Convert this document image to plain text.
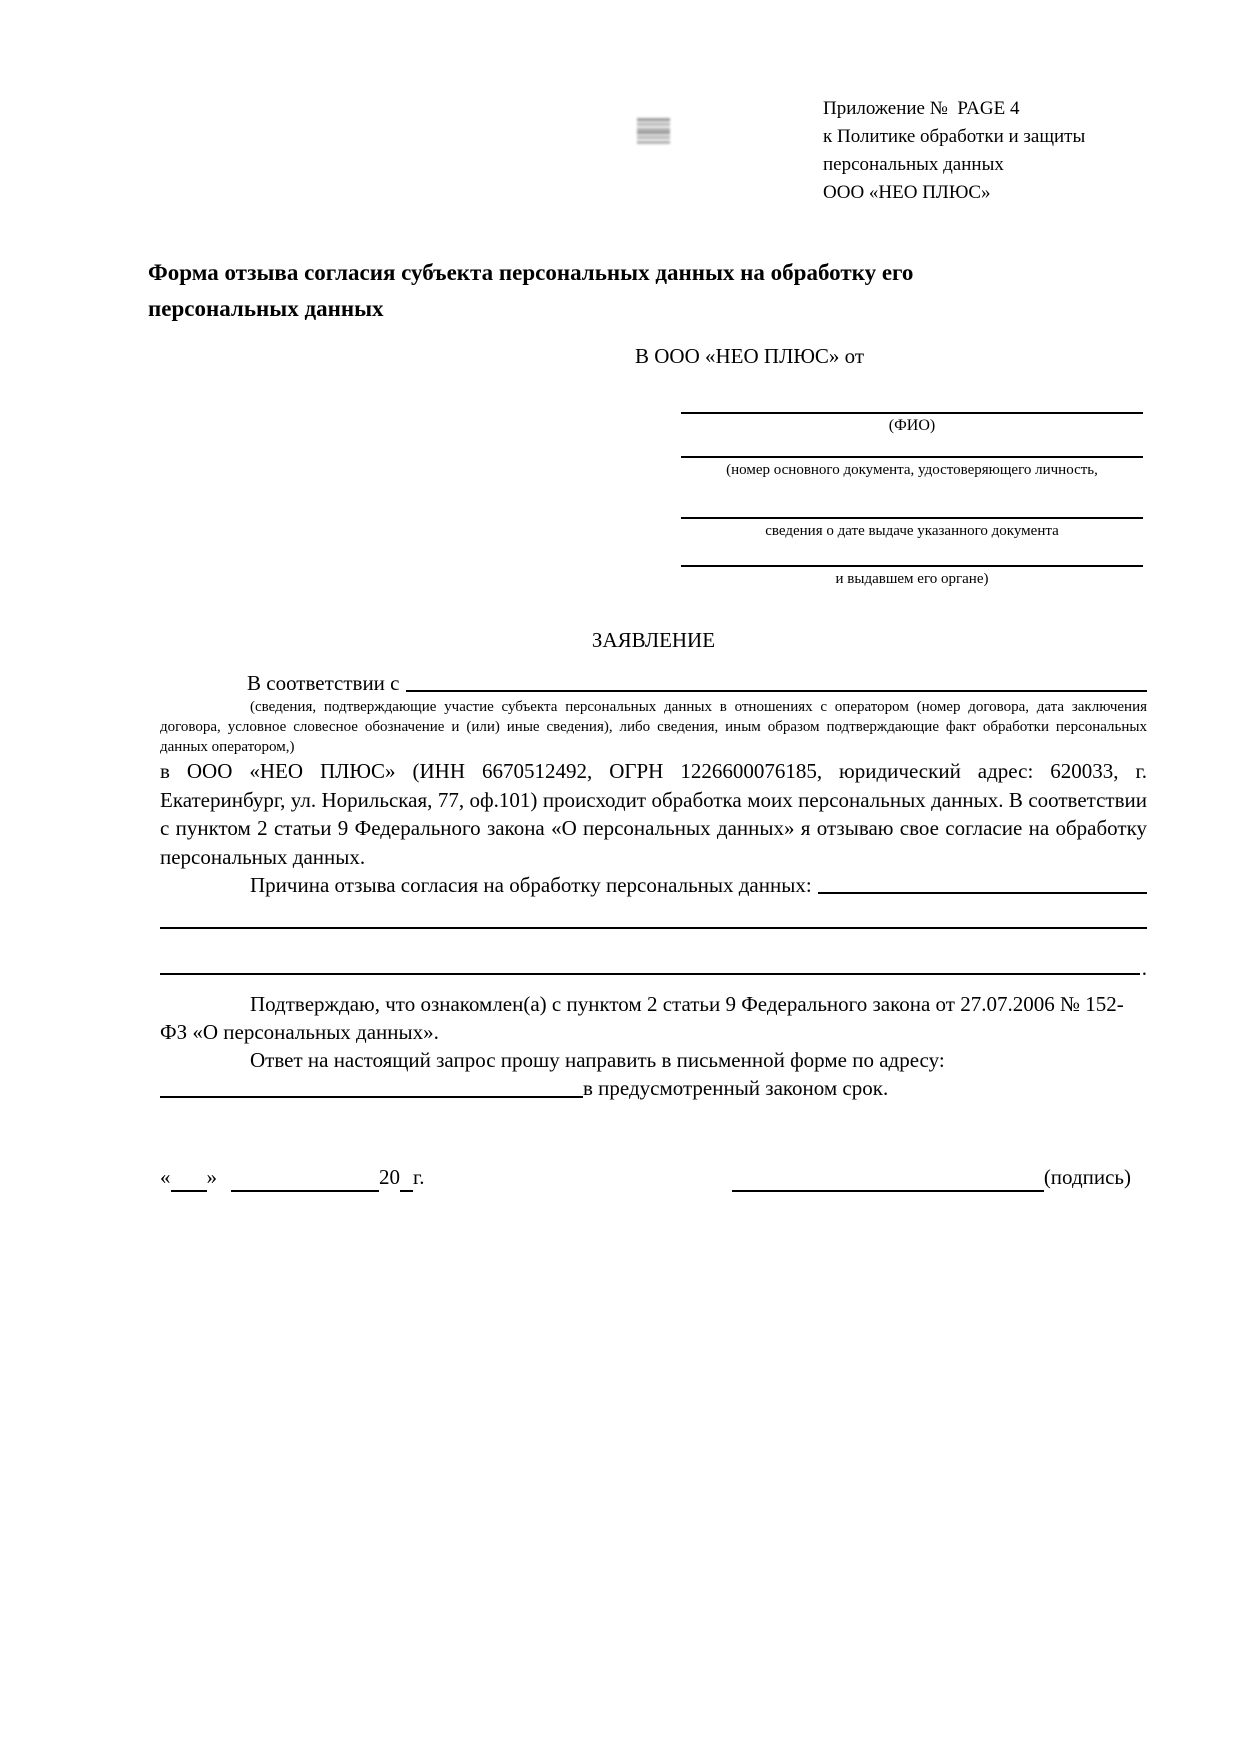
Приложение №  PAGE 4
к Политике обработки и защиты
персональных данных
ООО «НЕО ПЛЮС»
Форма отзыва согласия субъекта персональных данных на обработку его
персональных данных
В ООО «НЕО ПЛЮС» от
(ФИО)
(номер основного документа, удостоверяющего личность,
сведения о дате выдаче указанного документа
и выдавшем его органе)
ЗАЯВЛЕНИЕ
В соответствии с
(сведения, подтверждающие участие субъекта персональных данных в отношениях с оператором (номер договора, дата заключения договора, условное словесное обозначение и (или) иные сведения), либо сведения, иным образом подтверждающие факт обработки персональных данных оператором,)
в ООО «НЕО ПЛЮС» (ИНН 6670512492, ОГРН 1226600076185, юридический адрес: 620033, г. Екатеринбург, ул. Норильская, 77, оф.101) происходит обработка моих персональных данных. В соответствии с пунктом 2 статьи 9 Федерального закона «О персональных данных» я отзываю свое согласие на обработку персональных данных.
Причина отзыва согласия на обработку персональных данных:
.
Подтверждаю, что ознакомлен(а) с пунктом 2 статьи 9 Федерального закона от 27.07.2006 № 152-ФЗ «О персональных данных».
Ответ на настоящий запрос прошу направить в письменной форме по адресу:
в предусмотренный законом срок.
« »	20 г.	(подпись)
